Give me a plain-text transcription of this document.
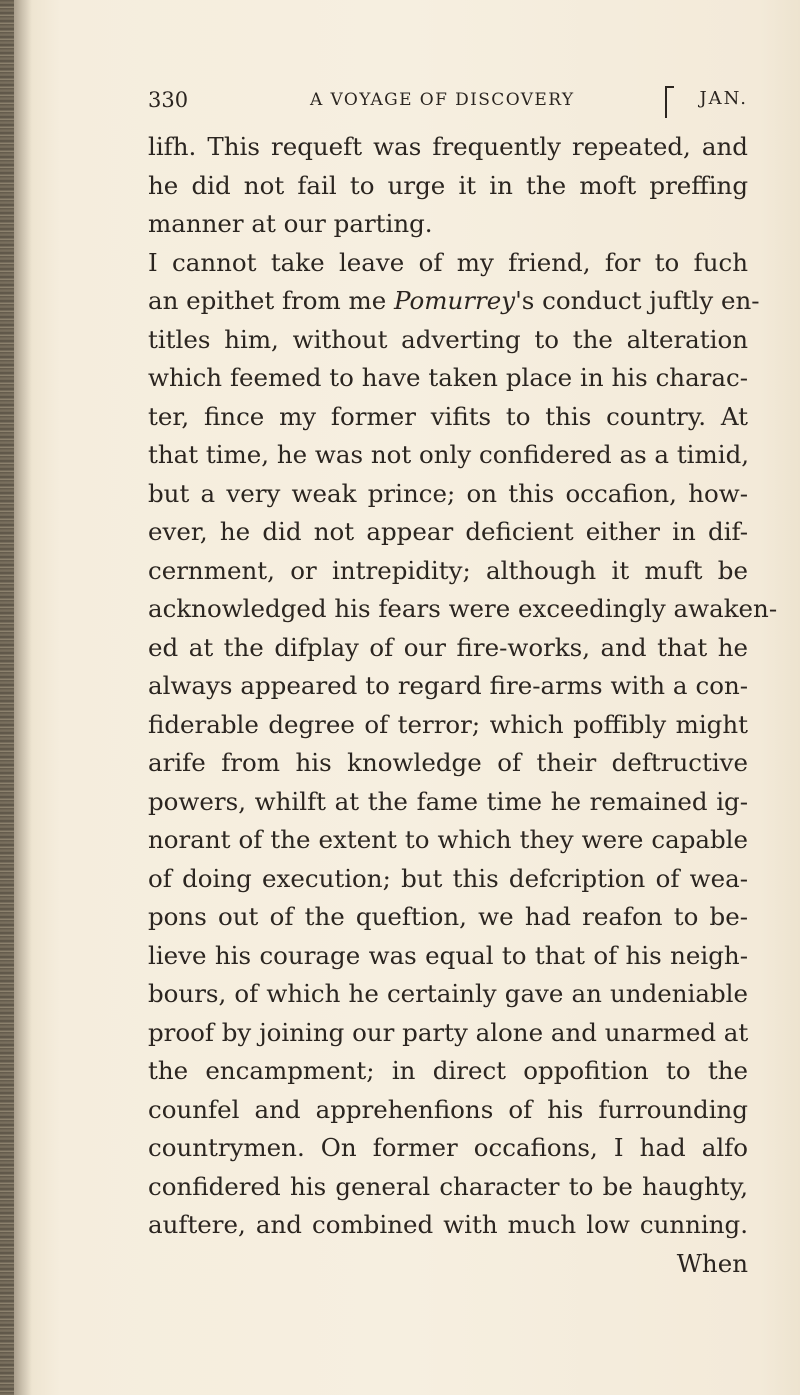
330	A VOYAGE OF DISCOVERY	JAN.
lifh. This requeft was frequently repeated, and
he did not fail to urge it in the moft preffing
manner at our parting.
I cannot take leave of my friend, for to fuch
an epithet from me Pomurrey's conduct juftly en-
titles him, without adverting to the alteration
which feemed to have taken place in his charac-
ter, fince my former vifits to this country. At
that time, he was not only confidered as a timid,
but a very weak prince; on this occafion, how-
ever, he did not appear deficient either in dif-
cernment, or intrepidity; although it muft be
acknowledged his fears were exceedingly awaken-
ed at the difplay of our fire-works, and that he
always appeared to regard fire-arms with a con-
fiderable degree of terror; which poffibly might
arife from his knowledge of their deftructive
powers, whilft at the fame time he remained ig-
norant of the extent to which they were capable
of doing execution; but this defcription of wea-
pons out of the queftion, we had reafon to be-
lieve his courage was equal to that of his neigh-
bours, of which he certainly gave an undeniable
proof by joining our party alone and unarmed at
the encampment; in direct oppofition to the
counfel and apprehenfions of his furrounding
countrymen. On former occafions, I had alfo
confidered his general character to be haughty,
auftere, and combined with much low cunning.
When
